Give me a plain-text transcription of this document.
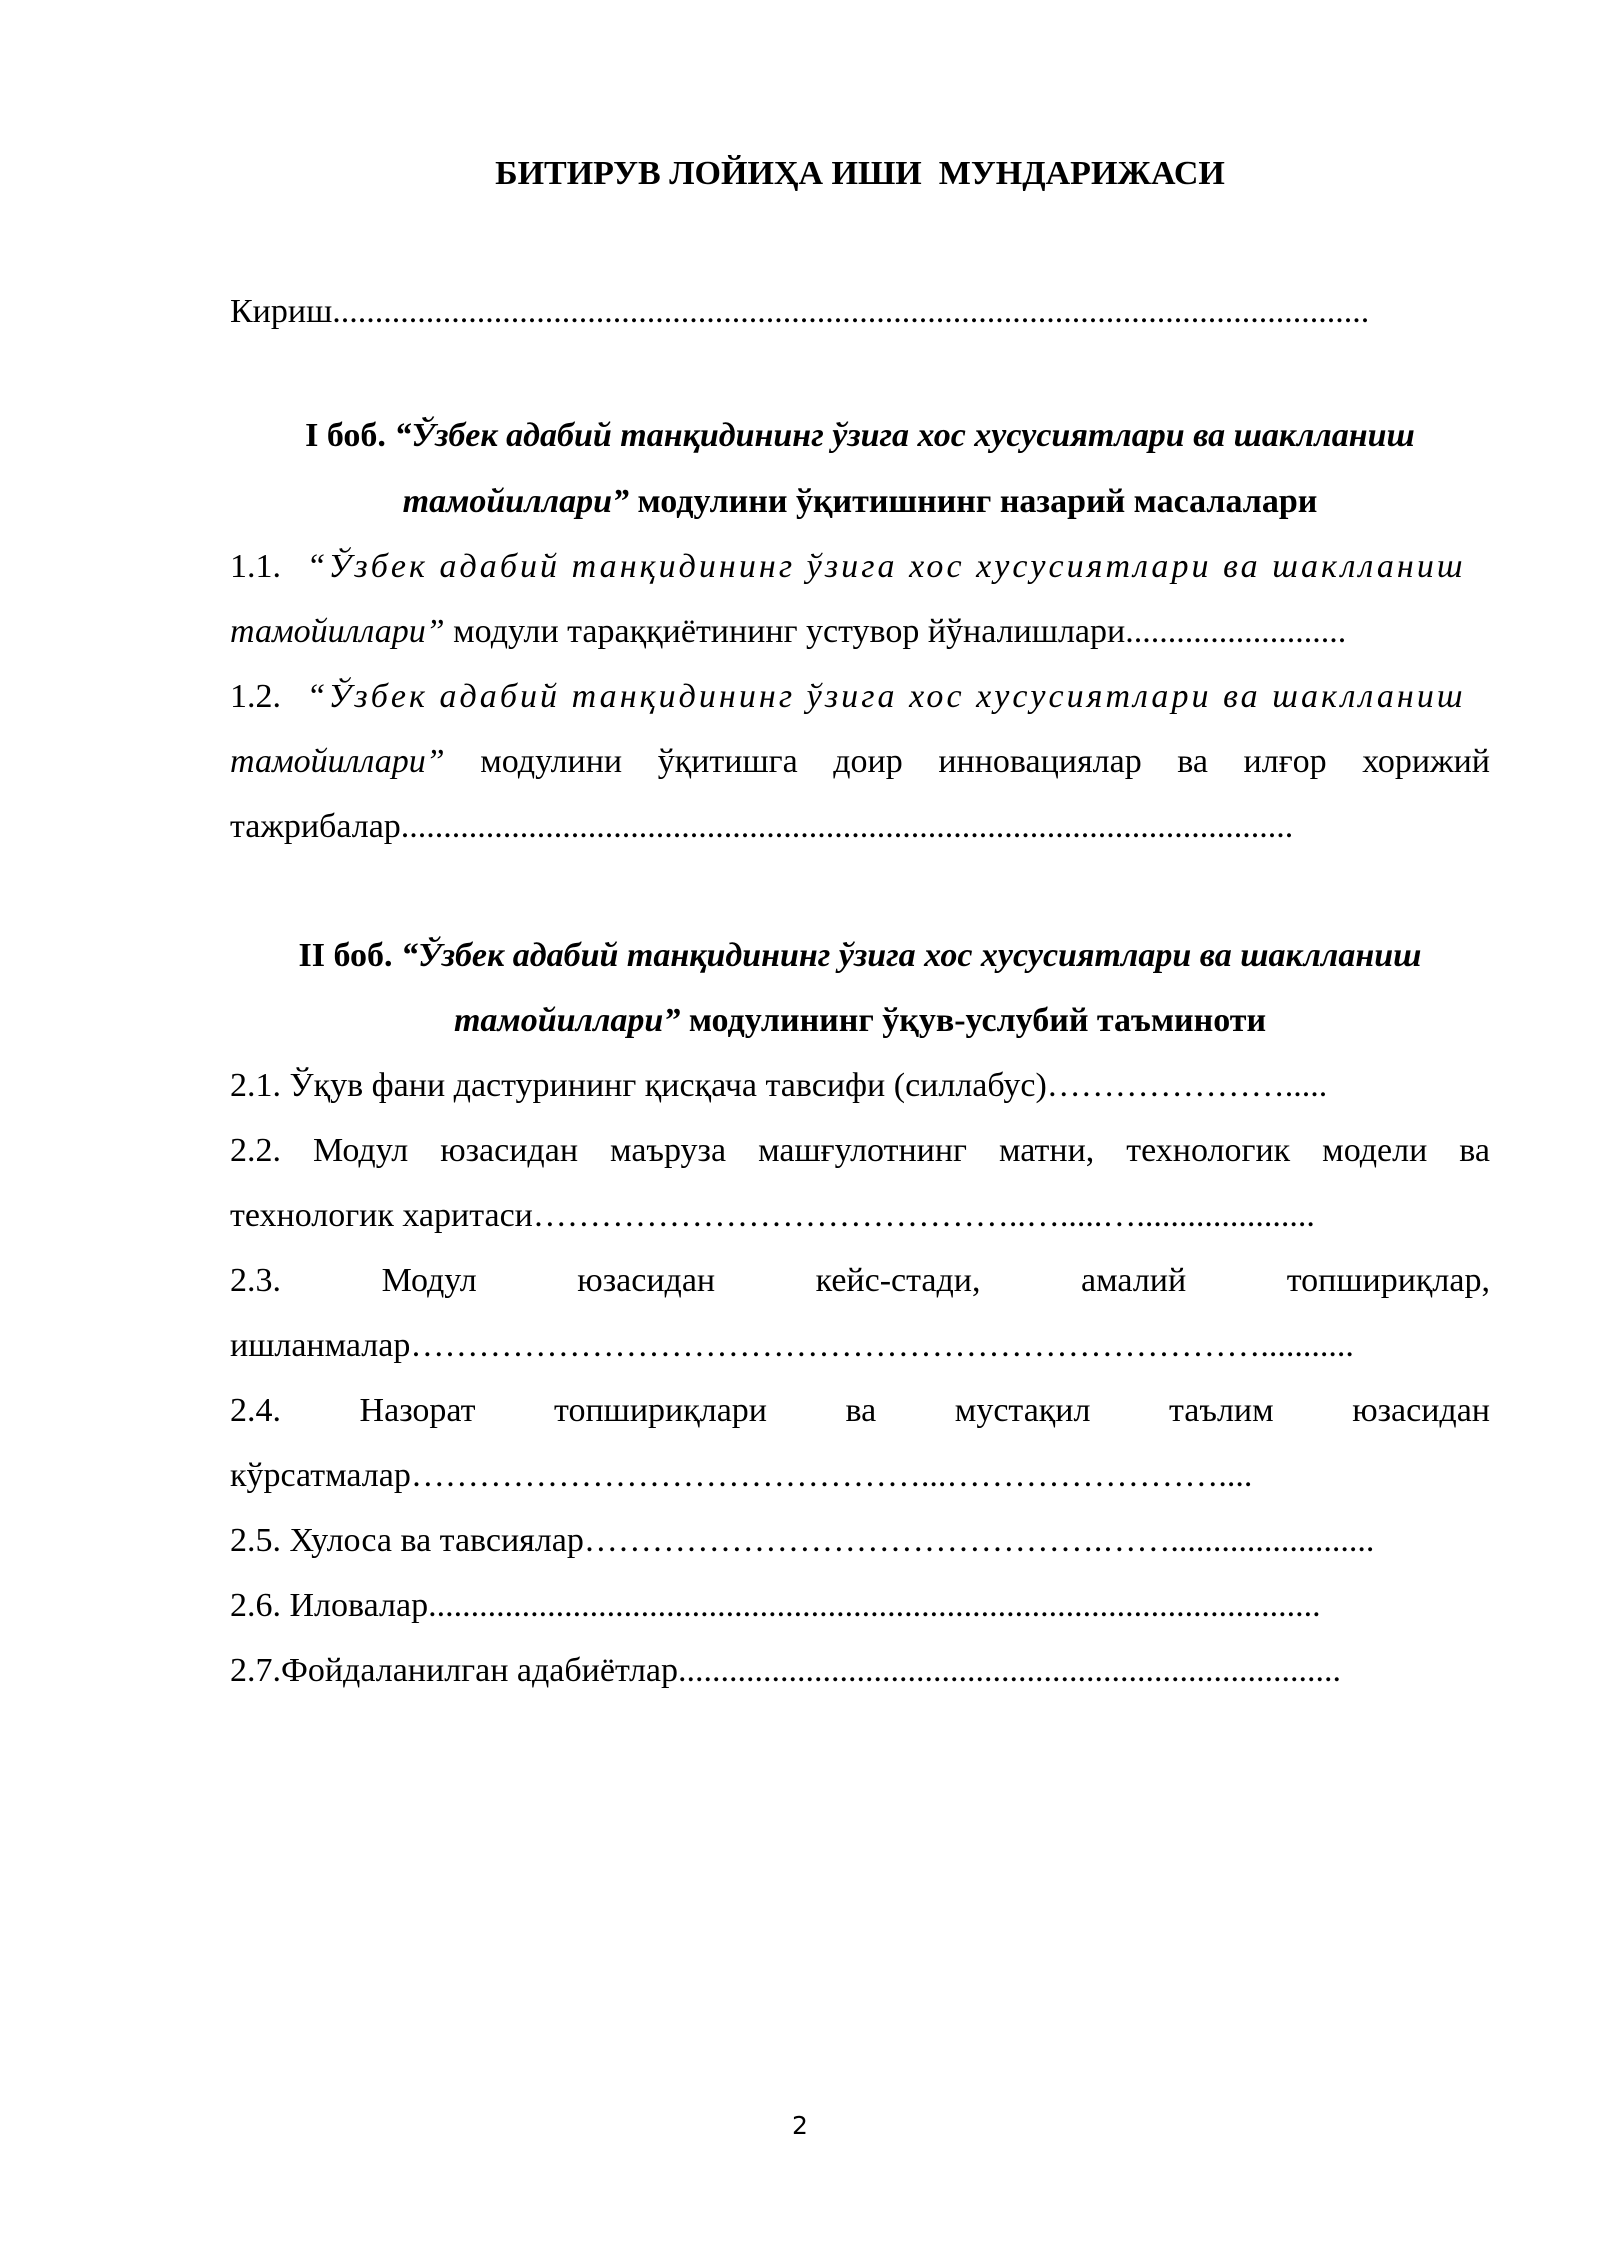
БИТИРУВ ЛОЙИҲА ИШИ  МУНДАРИЖАСИ
Кириш..........................................................................................................................
I боб. “Ўзбек адабий танқидининг ўзига хос хусусиятлари ва шаклланиш
тамойиллари” модулини ўқитишнинг назарий масалалари
1.1. “Ўзбек адабий танқидининг ўзига хос хусусиятлари ва шаклланиш
тамойиллари” модули тараққиётининг устувор йўналишлари..........................
1.2. “Ўзбек адабий танқидининг ўзига хос хусусиятлари ва шаклланиш
тамойиллари” модулини ўқитишга доир инновациялар ва илғор хорижий
тажрибалар.........................................................................................................
II боб. “Ўзбек адабий танқидининг ўзига хос хусусиятлари ва шаклланиш
тамойиллари” модулининг ўқув-услубий таъминоти
2.1. Ўқув фани дастурининг қисқача тавсифи (силлабус)………………….....
2.2. Модул юзасидан маъруза машғулотнинг матни, технологик модели ва
технологик харитаси……………………………………..….....….....................
2.3. Модул юзасидан кейс-стади, амалий топшириқлар,
ишланмалар…………………………………………………………………...........
2.4. Назорат топшириқлари ва мустақил таълим юзасидан
кўрсатмалар………………………………………...……………………....
2.5. Хулоса ва тавсиялар……………………………………….……........................
2.6. Иловалар.........................................................................................................
2.7.Фойдаланилган адабиётлар..............................................................................
2
